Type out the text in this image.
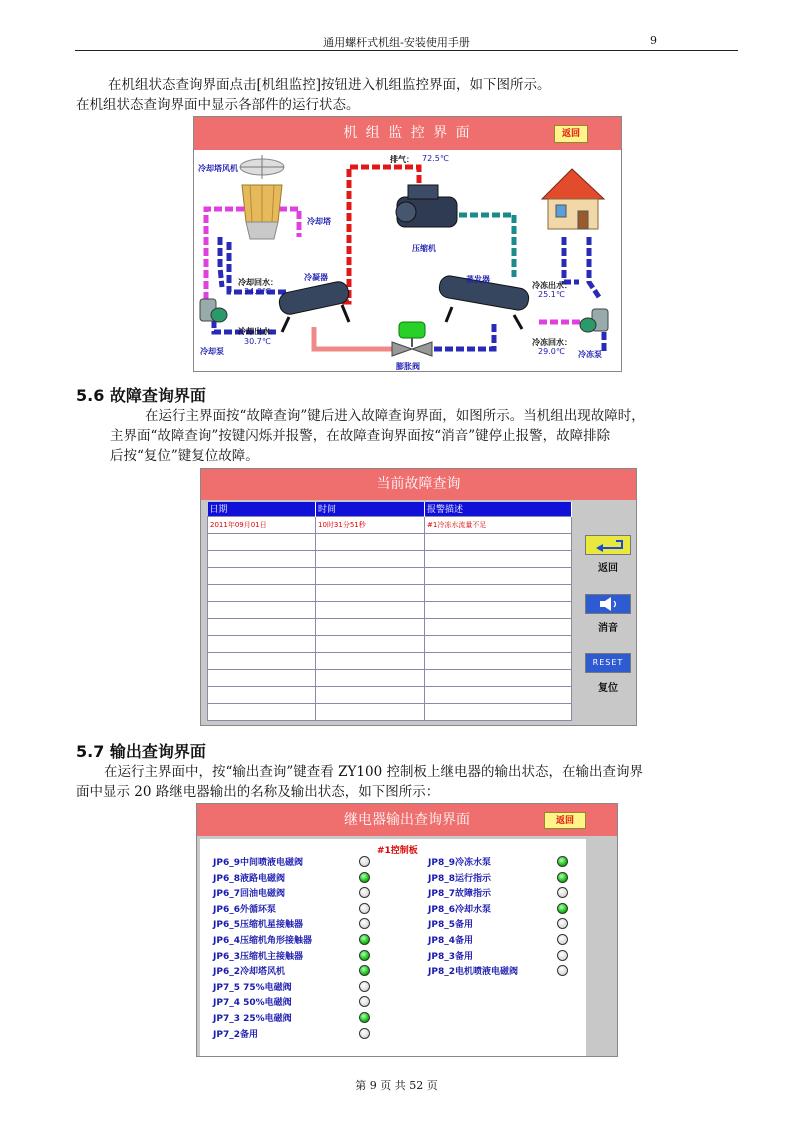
通用螺杆式机组-安装使用手册	9
在机组状态查询界面点击[机组监控]按钮进入机组监控界面，如下图所示。
在机组状态查询界面中显示各部件的运行状态。
机 组 监 控 界 面	返回
冷却塔风机
冷却塔
排气： 72.5℃
压缩机
冷凝器	蒸发器
冷却回水：
34.0℃
冷却出水：
30.7℃
冷冻出水：
25.1℃
冷冻回水：
29.0℃
冷却泵	冷冻泵
膨胀阀
5.6 故障查询界面
在运行主界面按“故障查询”键后进入故障查询界面，如图所示。当机组出现故障时，
主界面“故障查询”按键闪烁并报警，在故障查询界面按“消音”键停止报警，故障排除
后按“复位”键复位故障。
当前故障查询
日期	时间	报警描述
2011年09月01日	10时31分51秒	#1冷冻水流量不足

返回
消音
RESET
复位
5.7 输出查询界面
在运行主界面中，按“输出查询”键查看 ZY100 控制板上继电器的输出状态，在输出查询界
面中显示 20 路继电器输出的名称及输出状态，如下图所示：
继电器输出查询界面	返回
#1控制板
JP6_9中间喷液电磁阀
JP6_8液路电磁阀
JP6_7回油电磁阀
JP6_6外循环泵
JP6_5压缩机星接触器
JP6_4压缩机角形接触器
JP6_3压缩机主接触器
JP6_2冷却塔风机
JP7_5 75%电磁阀
JP7_4 50%电磁阀
JP7_3 25%电磁阀
JP7_2备用
JP8_9冷冻水泵
JP8_8运行指示
JP8_7故障指示
JP8_6冷却水泵
JP8_5备用
JP8_4备用
JP8_3备用
JP8_2电机喷液电磁阀
第 9 页 共 52 页
